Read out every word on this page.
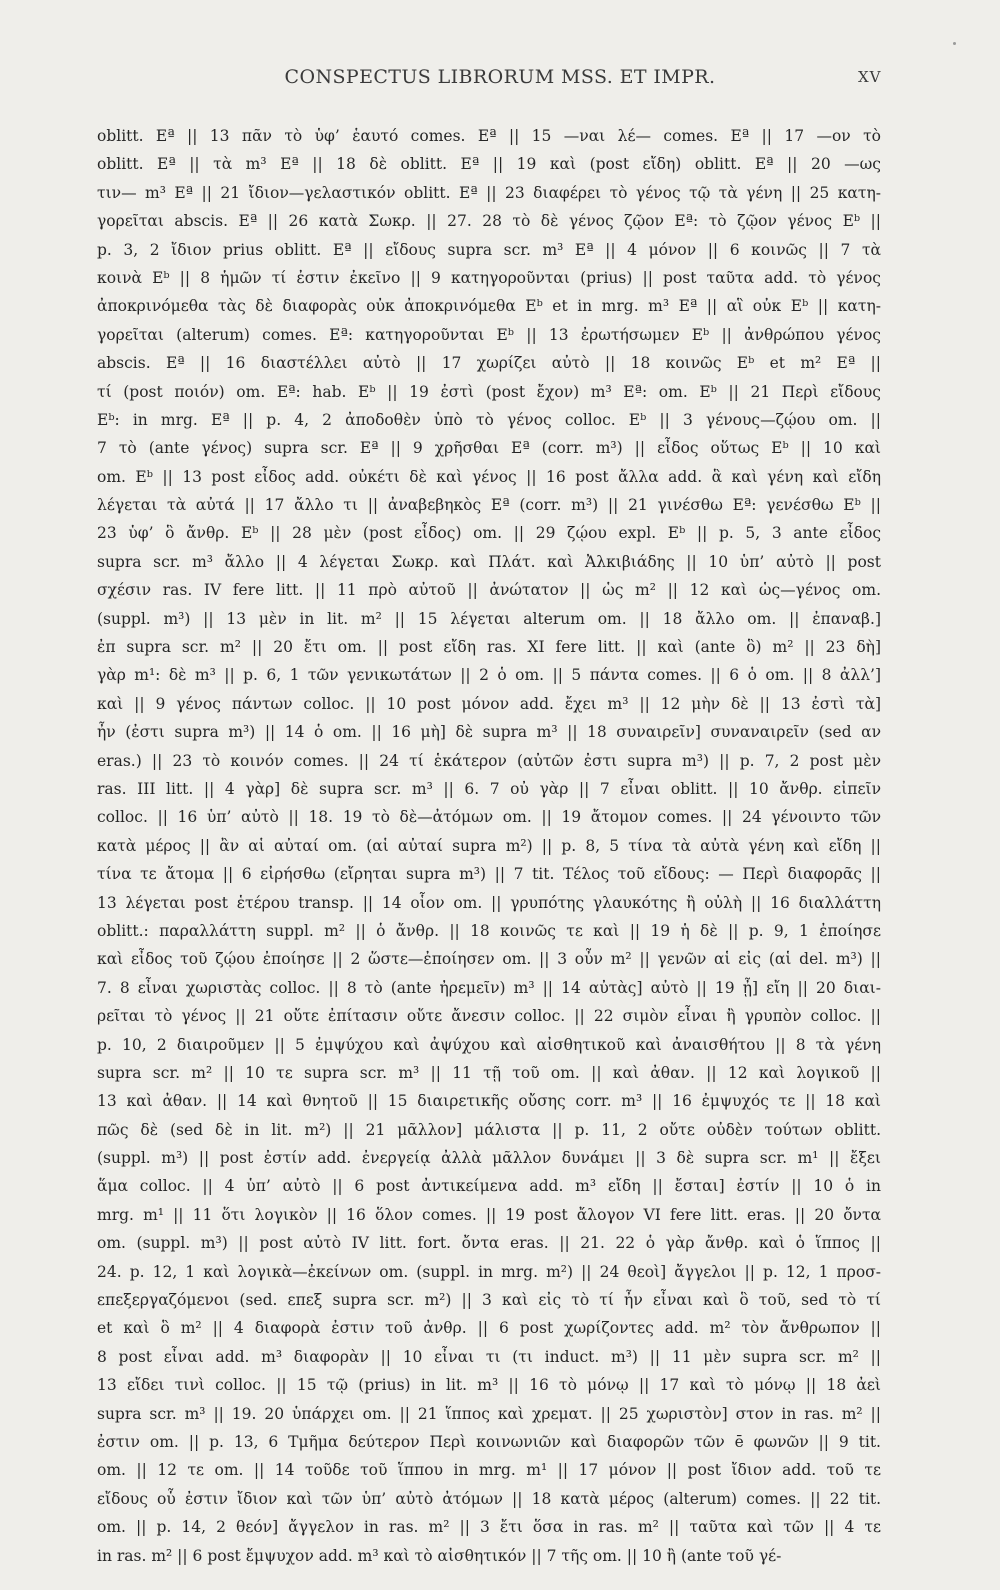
CONSPECTUS LIBRORUM MSS. ET IMPR.	XV
oblitt. Eª || 13 πᾶν τὸ ὑφ’ ἑαυτό comes. Eª || 15 —ναι λέ— comes. Eª || 17 —ον τὸ
oblitt. Eª || τὰ m³ Eª || 18 δὲ oblitt. Eª || 19 καὶ (post εἴδη) oblitt. Eª || 20 —ως
τιν— m³ Eª || 21 ἴδιον—γελαστικόν oblitt. Eª || 23 διαφέρει τὸ γένος τῷ τὰ γένη || 25 κατη-
γορεῖται abscis. Eª || 26 κατὰ Σωκρ. || 27. 28 τὸ δὲ γένος ζῷον Eª: τὸ ζῷον γένος Eᵇ ||
p. 3, 2 ἴδιον prius oblitt. Eª || εἴδους supra scr. m³ Eª || 4 μόνον || 6 κοινῶς || 7 τὰ
κοινὰ Eᵇ || 8 ἡμῶν τί ἐστιν ἐκεῖνο || 9 κατηγοροῦνται (prius) || post ταῦτα add. τὸ γένος
ἀποκρινόμεθα τὰς δὲ διαφορὰς οὐκ ἀποκρινόμεθα Eᵇ et in mrg. m³ Eª || αἳ οὐκ Eᵇ || κατη-
γορεῖται (alterum) comes. Eª: κατηγοροῦνται Eᵇ || 13 ἐρωτήσωμεν Eᵇ || ἀνθρώπου γένος
abscis. Eª || 16 διαστέλλει αὐτὸ || 17 χωρίζει αὐτὸ || 18 κοινῶς Eᵇ et m² Eª ||
τί (post ποιόν) om. Eª: hab. Eᵇ || 19 ἐστὶ (post ἔχον) m³ Eª: om. Eᵇ || 21 Περὶ εἴδους
Eᵇ: in mrg. Eª || p. 4, 2 ἀποδοθὲν ὑπὸ τὸ γένος colloc. Eᵇ || 3 γένους—ζῴου om. ||
7 τὸ (ante γένος) supra scr. Eª || 9 χρῆσθαι Eª (corr. m³) || εἶδος οὕτως Eᵇ || 10 καὶ
om. Eᵇ || 13 post εἶδος add. οὐκέτι δὲ καὶ γένος || 16 post ἄλλα add. ἃ καὶ γένη καὶ εἴδη
λέγεται τὰ αὐτά || 17 ἄλλο τι || ἀναβεβηκὸς Eª (corr. m³) || 21 γινέσθω Eª: γενέσθω Eᵇ ||
23 ὑφ’ ὃ ἄνθρ. Eᵇ || 28 μὲν (post εἶδος) om. || 29 ζῴου expl. Eᵇ || p. 5, 3 ante εἶδος
supra scr. m³ ἄλλο || 4 λέγεται Σωκρ. καὶ Πλάτ. καὶ Ἀλκιβιάδης || 10 ὑπ’ αὐτὸ || post
σχέσιν ras. IV fere litt. || 11 πρὸ αὐτοῦ || ἀνώτατον || ὡς m² || 12 καὶ ὡς—γένος om.
(suppl. m³) || 13 μὲν in lit. m² || 15 λέγεται alterum om. || 18 ἄλλο om. || ἐπαναβ.]
ἐπ supra scr. m² || 20 ἔτι om. || post εἴδη ras. XI fere litt. || καὶ (ante ὃ) m² || 23 δὴ]
γὰρ m¹: δὲ m³ || p. 6, 1 τῶν γενικωτάτων || 2 ὁ om. || 5 πάντα comes. || 6 ὁ om. || 8 ἀλλ’]
καὶ || 9 γένος πάντων colloc. || 10 post μόνον add. ἔχει m³ || 12 μὴν δὲ || 13 ἐστὶ τὰ]
ἦν (ἐστι supra m³) || 14 ὁ om. || 16 μὴ] δὲ supra m³ || 18 συναιρεῖν] συναναιρεῖν (sed αν
eras.) || 23 τὸ κοινόν comes. || 24 τί ἑκάτερον (αὐτῶν ἐστι supra m³) || p. 7, 2 post μὲν
ras. III litt. || 4 γὰρ] δὲ supra scr. m³ || 6. 7 οὐ γὰρ || 7 εἶναι oblitt. || 10 ἄνθρ. εἰπεῖν
colloc. || 16 ὑπ’ αὐτὸ || 18. 19 τὸ δὲ—ἀτόμων om. || 19 ἄτομον comes. || 24 γένοιντο τῶν
κατὰ μέρος || ἂν αἱ αὐταί om. (αἱ αὐταί supra m²) || p. 8, 5 τίνα τὰ αὐτὰ γένη καὶ εἴδη ||
τίνα τε ἄτομα || 6 εἰρήσθω (εἴρηται supra m³) || 7 tit. Τέλος τοῦ εἴδους: — Περὶ διαφορᾶς ||
13 λέγεται post ἑτέρου transp. || 14 οἷον om. || γρυπότης γλαυκότης ἢ οὐλὴ || 16 διαλλάττη
oblitt.: παραλλάττη suppl. m² || ὁ ἄνθρ. || 18 κοινῶς τε καὶ || 19 ἡ δὲ || p. 9, 1 ἐποίησε
καὶ εἶδος τοῦ ζῴου ἐποίησε || 2 ὥστε—ἐποίησεν om. || 3 οὖν m² || γενῶν αἱ εἰς (αἱ del. m³) ||
7. 8 εἶναι χωριστὰς colloc. || 8 τὸ (ante ἠρεμεῖν) m³ || 14 αὐτὰς] αὐτὸ || 19 ᾖ] εἴη || 20 διαι-
ρεῖται τὸ γένος || 21 οὔτε ἐπίτασιν οὔτε ἄνεσιν colloc. || 22 σιμὸν εἶναι ἢ γρυπὸν colloc. ||
p. 10, 2 διαιροῦμεν || 5 ἐμψύχου καὶ ἀψύχου καὶ αἰσθητικοῦ καὶ ἀναισθήτου || 8 τὰ γένη
supra scr. m² || 10 τε supra scr. m³ || 11 τῇ τοῦ om. || καὶ ἀθαν. || 12 καὶ λογικοῦ ||
13 καὶ ἀθαν. || 14 καὶ θνητοῦ || 15 διαιρετικῆς οὔσης corr. m³ || 16 ἐμψυχός τε || 18 καὶ
πῶς δὲ (sed δὲ in lit. m²) || 21 μᾶλλον] μάλιστα || p. 11, 2 οὔτε οὐδὲν τούτων oblitt.
(suppl. m³) || post ἐστίν add. ἐνεργείᾳ ἀλλὰ μᾶλλον δυνάμει || 3 δὲ supra scr. m¹ || ἔξει
ἅμα colloc. || 4 ὑπ’ αὐτὸ || 6 post ἀντικείμενα add. m³ εἴδη || ἔσται] ἐστίν || 10 ὁ in
mrg. m¹ || 11 ὅτι λογικὸν || 16 ὅλον comes. || 19 post ἄλογον VI fere litt. eras. || 20 ὄντα
om. (suppl. m³) || post αὐτὸ IV litt. fort. ὄντα eras. || 21. 22 ὁ γὰρ ἄνθρ. καὶ ὁ ἵππος ||
24. p. 12, 1 καὶ λογικὰ—ἐκείνων om. (suppl. in mrg. m²) || 24 θεοὶ] ἄγγελοι || p. 12, 1 προσ-
επεξεργαζόμενοι (sed. επεξ supra scr. m²) || 3 καὶ εἰς τὸ τί ἦν εἶναι καὶ ὃ τοῦ, sed τὸ τί
et καὶ ὃ m² || 4 διαφορὰ ἐστιν τοῦ ἀνθρ. || 6 post χωρίζοντες add. m² τὸν ἄνθρωπον ||
8 post εἶναι add. m³ διαφορὰν || 10 εἶναι τι (τι induct. m³) || 11 μὲν supra scr. m² ||
13 εἴδει τινὶ colloc. || 15 τῷ (prius) in lit. m³ || 16 τὸ μόνῳ || 17 καὶ τὸ μόνῳ || 18 ἀεὶ
supra scr. m³ || 19. 20 ὑπάρχει om. || 21 ἵππος καὶ χρεματ. || 25 χωριστὸν] στον in ras. m² ||
ἐστιν om. || p. 13, 6 Τμῆμα δεύτερον Περὶ κοινωνιῶν καὶ διαφορῶν τῶν ē φωνῶν || 9 tit.
om. || 12 τε om. || 14 τοῦδε τοῦ ἵππου in mrg. m¹ || 17 μόνον || post ἴδιον add. τοῦ τε
εἴδους οὗ ἐστιν ἴδιον καὶ τῶν ὑπ’ αὐτὸ ἀτόμων || 18 κατὰ μέρος (alterum) comes. || 22 tit.
om. || p. 14, 2 θεόν] ἄγγελον in ras. m² || 3 ἔτι ὅσα in ras. m² || ταῦτα καὶ τῶν || 4 τε
in ras. m² || 6 post ἔμψυχον add. m³ καὶ τὸ αἰσθητικόν || 7 τῆς om. || 10 ἢ (ante τοῦ γέ-
